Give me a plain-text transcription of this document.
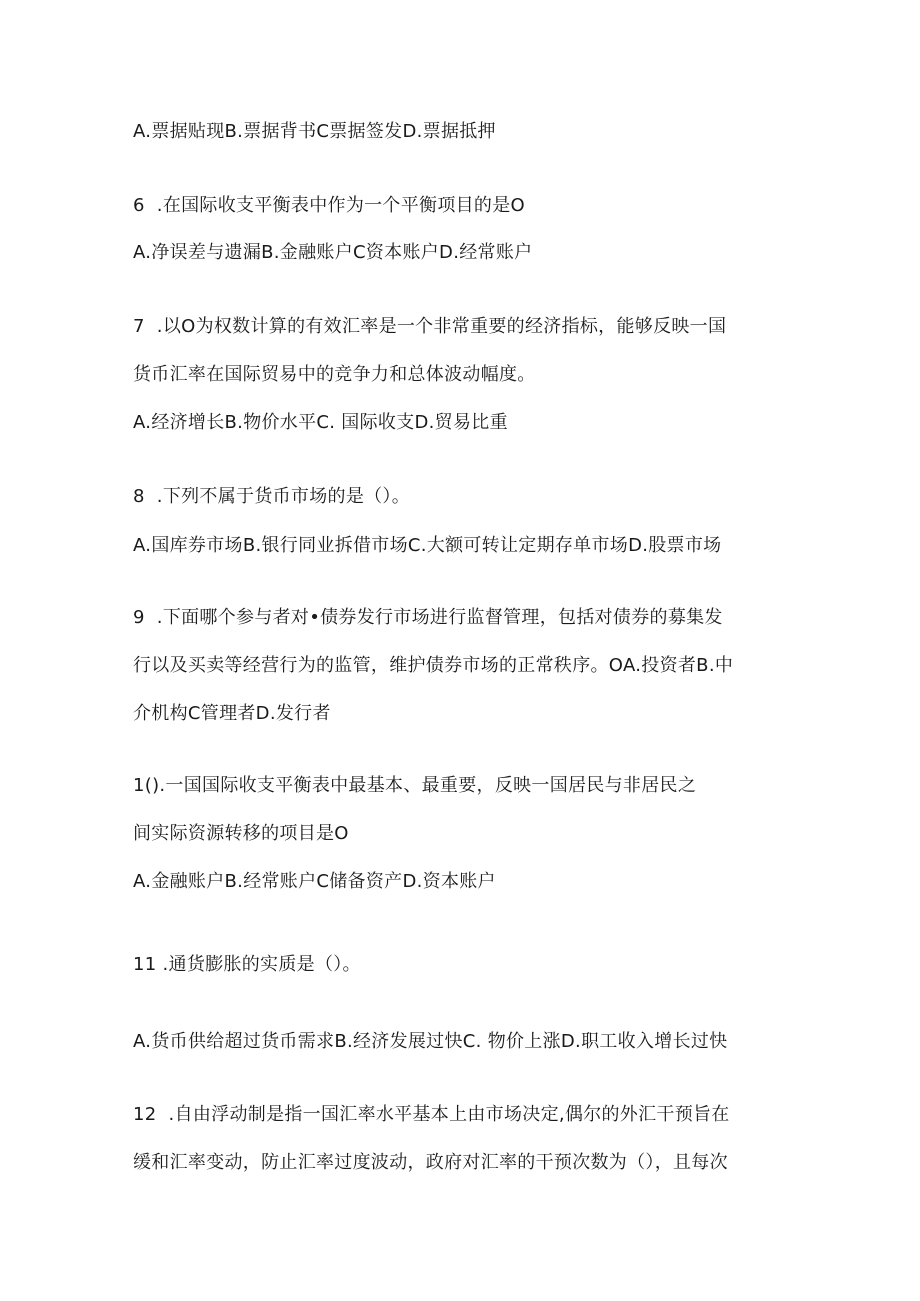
A.票据贴现B.票据背书C票据签发D.票据抵押
6  .在国际收支平衡表中作为一个平衡项目的是O
A.净误差与遗漏B.金融账户C资本账户D.经常账户
7  .以O为权数计算的有效汇率是一个非常重要的经济指标，能够反映一国
货币汇率在国际贸易中的竞争力和总体波动幅度。
A.经济增长B.物价水平C. 国际收支D.贸易比重
8  .下列不属于货币市场的是（）。
A.国库券市场B.银行同业拆借市场C.大额可转让定期存单市场D.股票市场
9  .下面哪个参与者对•债券发行市场进行监督管理，包括对债券的募集发
行以及买卖等经营行为的监管，维护债券市场的正常秩序。OA.投资者B.中
介机构C管理者D.发行者
1().一国国际收支平衡表中最基本、最重要，反映一国居民与非居民之
间实际资源转移的项目是O
A.金融账户B.经常账户C储备资产D.资本账户
11 .通货膨胀的实质是（）。
A.货币供给超过货币需求B.经济发展过快C. 物价上涨D.职工收入增长过快
12  .自由浮动制是指一国汇率水平基本上由市场决定,偶尔的外汇干预旨在
缓和汇率变动，防止汇率过度波动，政府对汇率的干预次数为（），且每次
